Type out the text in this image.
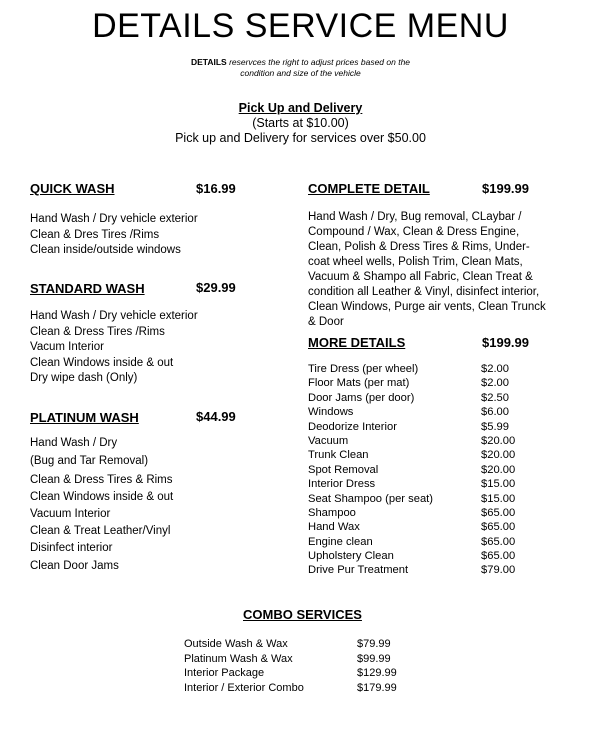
DETAILS SERVICE MENU
DETAILS reservces the right to adjust prices based on the
condition and size of the vehicle
Pick Up and Delivery
(Starts at $10.00)
Pick up and Delivery for services over $50.00
QUICK WASH	$16.99
Hand Wash / Dry vehicle exterior
Clean & Dres Tires /Rims
Clean inside/outside windows
STANDARD WASH	$29.99
Hand Wash / Dry vehicle exterior
Clean & Dress Tires /Rims
Vacum Interior
Clean Windows inside & out
Dry wipe dash (Only)
PLATINUM WASH	$44.99
Hand Wash / Dry
(Bug and Tar Removal)
Clean & Dress Tires & Rims
Clean Windows inside & out
Vacuum Interior
Clean & Treat Leather/Vinyl
Disinfect interior
Clean Door Jams
COMPLETE DETAIL	$199.99
Hand Wash / Dry, Bug removal, CLaybar /
Compound / Wax, Clean & Dress Engine,
Clean, Polish & Dress Tires & Rims, Under-
coat wheel wells, Polish Trim, Clean Mats,
Vacuum & Shampo all Fabric, Clean Treat &
condition all Leather & Vinyl, disinfect interior,
Clean Windows, Purge air vents, Clean Trunck
& Door
MORE DETAILS	$199.99
Tire Dress (per wheel)	$2.00
Floor Mats (per mat)	$2.00
Door Jams (per door)	$2.50
Windows	$6.00
Deodorize Interior	$5.99
Vacuum	$20.00
Trunk Clean	$20.00
Spot Removal	$20.00
Interior Dress	$15.00
Seat Shampoo (per seat)	$15.00
Shampoo	$65.00
Hand Wax	$65.00
Engine clean	$65.00
Upholstery Clean	$65.00
Drive Pur Treatment	$79.00
COMBO SERVICES
Outside Wash & Wax	$79.99
Platinum Wash & Wax	$99.99
Interior Package	$129.99
Interior / Exterior Combo	$179.99
